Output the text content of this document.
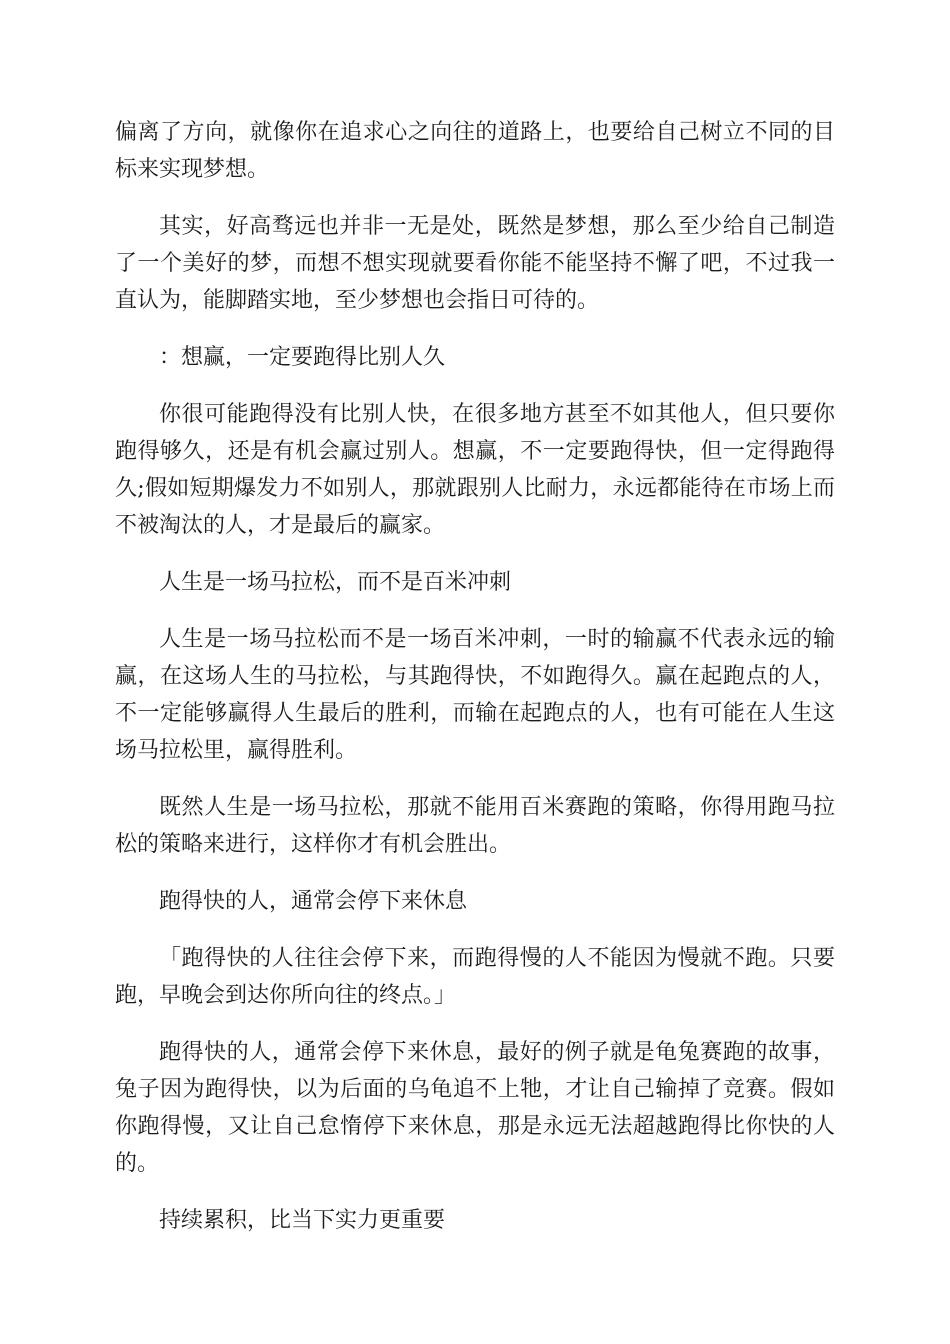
偏离了方向，就像你在追求心之向往的道路上，也要给自己树立不同的目标来实现梦想。

其实，好高骛远也并非一无是处，既然是梦想，那么至少给自己制造了一个美好的梦，而想不想实现就要看你能不能坚持不懈了吧，不过我一直认为，能脚踏实地，至少梦想也会指日可待的。

：想赢，一定要跑得比别人久

你很可能跑得没有比别人快，在很多地方甚至不如其他人，但只要你跑得够久，还是有机会赢过别人。想赢，不一定要跑得快，但一定得跑得久;假如短期爆发力不如别人，那就跟别人比耐力，永远都能待在市场上而不被淘汰的人，才是最后的赢家。

人生是一场马拉松，而不是百米冲刺

人生是一场马拉松而不是一场百米冲刺，一时的输赢不代表永远的输赢，在这场人生的马拉松，与其跑得快，不如跑得久。赢在起跑点的人，不一定能够赢得人生最后的胜利，而输在起跑点的人，也有可能在人生这场马拉松里，赢得胜利。

既然人生是一场马拉松，那就不能用百米赛跑的策略，你得用跑马拉松的策略来进行，这样你才有机会胜出。

跑得快的人，通常会停下来休息

「跑得快的人往往会停下来，而跑得慢的人不能因为慢就不跑。只要跑，早晚会到达你所向往的终点。」

跑得快的人，通常会停下来休息，最好的例子就是龟兔赛跑的故事，兔子因为跑得快，以为后面的乌龟追不上牠，才让自己输掉了竞赛。假如你跑得慢，又让自己怠惰停下来休息，那是永远无法超越跑得比你快的人的。

持续累积，比当下实力更重要
